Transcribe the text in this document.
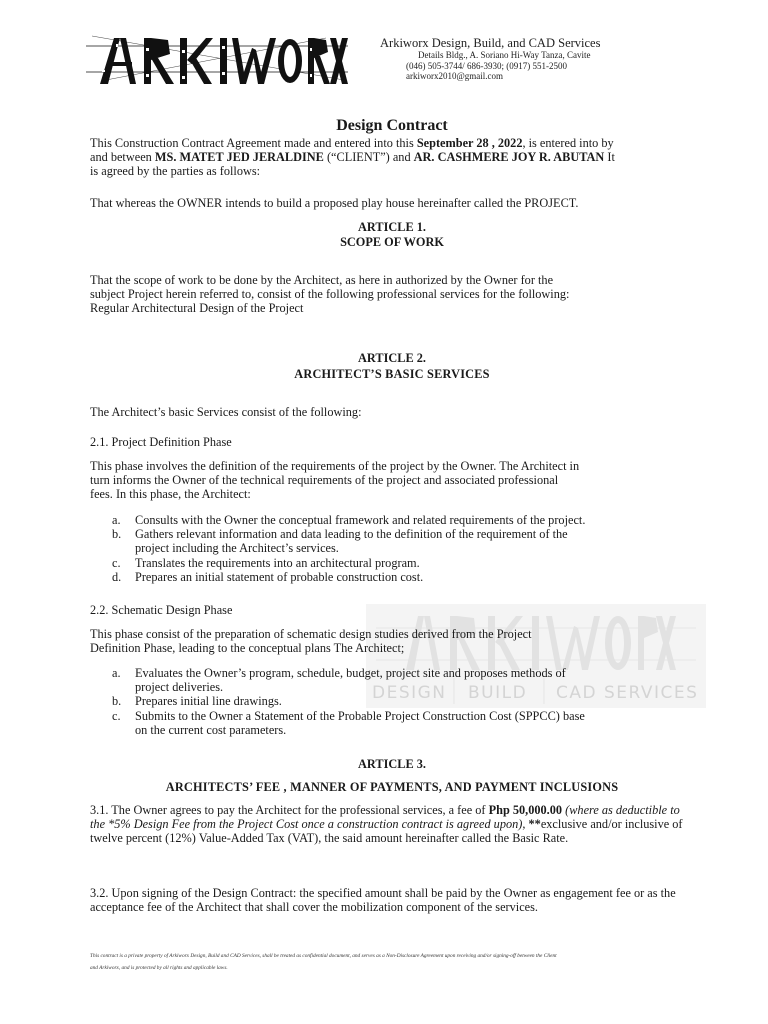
Arkiworx Design, Build, and CAD Services
Details Bldg., A. Soriano Hi-Way Tanza, Cavite
(046) 505-3744/ 686-3930; (0917) 551-2500
arkiworx2010@gmail.com
Design Contract
This Construction Contract Agreement made and entered into this September 28 , 2022, is entered into by
and between MS. MATET JED JERALDINE (“CLIENT”) and AR. CASHMERE JOY R. ABUTAN It
is agreed by the parties as follows:
That whereas the OWNER intends to build a proposed play house hereinafter called the PROJECT.
ARTICLE 1.
SCOPE OF WORK
That the scope of work to be done by the Architect, as here in authorized by the Owner for the
subject Project herein referred to, consist of the following professional services for the following:
Regular Architectural Design of the Project
ARTICLE 2.
ARCHITECT’S BASIC SERVICES
The Architect’s basic Services consist of the following:
2.1. Project Definition Phase
This phase involves the definition of the requirements of the project by the Owner. The Architect in
turn informs the Owner of the technical requirements of the project and associated professional
fees. In this phase, the Architect:
a. Consults with the Owner the conceptual framework and related requirements of the project.
b. Gathers relevant information and data leading to the definition of the requirement of the
project including the Architect’s services.
c. Translates the requirements into an architectural program.
d. Prepares an initial statement of probable construction cost.
DESIGN BUILD CAD SERVICES
2.2. Schematic Design Phase
This phase consist of the preparation of schematic design studies derived from the Project
Definition Phase, leading to the conceptual plans The Architect;
a. Evaluates the Owner’s program, schedule, budget, project site and proposes methods of
project deliveries.
b. Prepares initial line drawings.
c. Submits to the Owner a Statement of the Probable Project Construction Cost (SPPCC) base
on the current cost parameters.
ARTICLE 3.
ARCHITECTS’ FEE , MANNER OF PAYMENTS, AND PAYMENT INCLUSIONS
3.1. The Owner agrees to pay the Architect for the professional services, a fee of Php 50,000.00 (where as deductible to the *5% Design Fee from the Project Cost once a construction contract is agreed upon), **exclusive and/or inclusive of twelve percent (12%) Value-Added Tax (VAT), the said amount hereinafter called the Basic Rate.
3.2. Upon signing of the Design Contract: the specified amount shall be paid by the Owner as engagement fee or as the acceptance fee of the Architect that shall cover the mobilization component of the services.
This contract is a private property of Arkiworx Design, Build and CAD Services, shall be treated as confidential document, and serves as a Non-Disclosure Agreement upon receiving and/or signing-off between the Client
and Arkiworx, and is protected by all rights and applicable laws.
